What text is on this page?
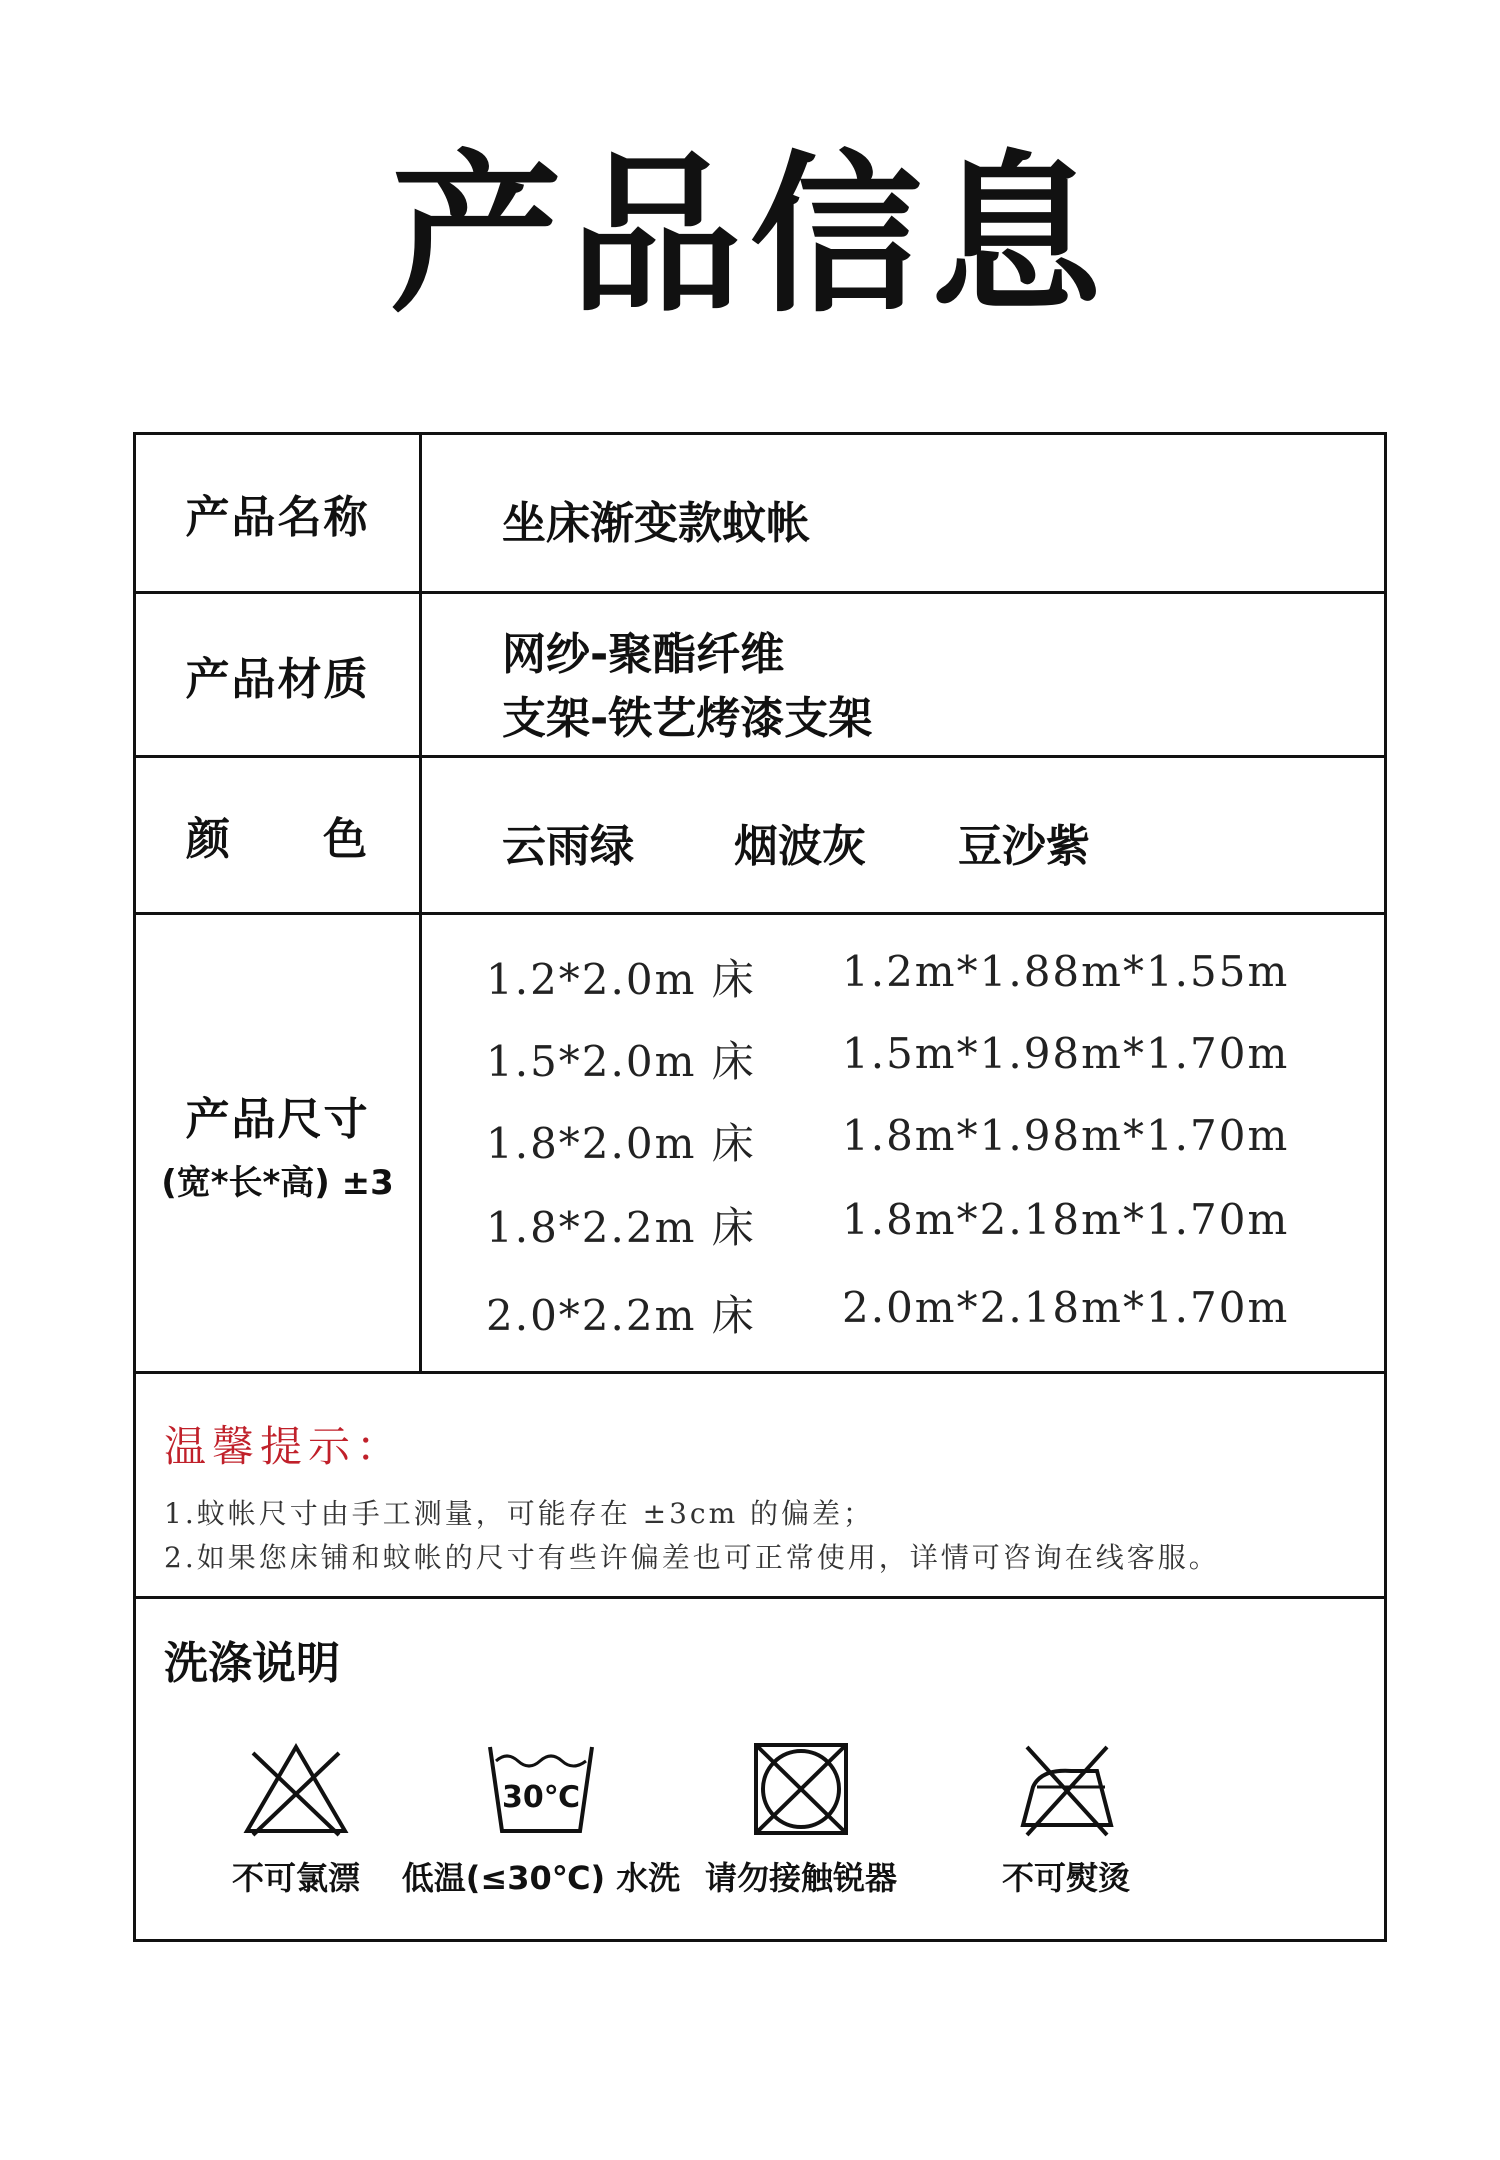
产品信息
产品名称	坐床渐变款蚊帐
产品材质	网纱-聚酯纤维
支架-铁艺烤漆支架
颜 色	云雨绿 烟波灰 豆沙紫
产品尺寸
(宽*长*高) ±3
1.2*2.0m 床 1.2m*1.88m*1.55m
1.5*2.0m 床 1.5m*1.98m*1.70m
1.8*2.0m 床 1.8m*1.98m*1.70m
1.8*2.2m 床 1.8m*2.18m*1.70m
2.0*2.2m 床 2.0m*2.18m*1.70m
温馨提示：
1.蚊帐尺寸由手工测量，可能存在 ±3cm 的偏差；
2.如果您床铺和蚊帐的尺寸有些许偏差也可正常使用，详情可咨询在线客服。
洗涤说明
不可氯漂
30℃
低温(≤30℃) 水洗 请勿接触锐器	不可熨烫
